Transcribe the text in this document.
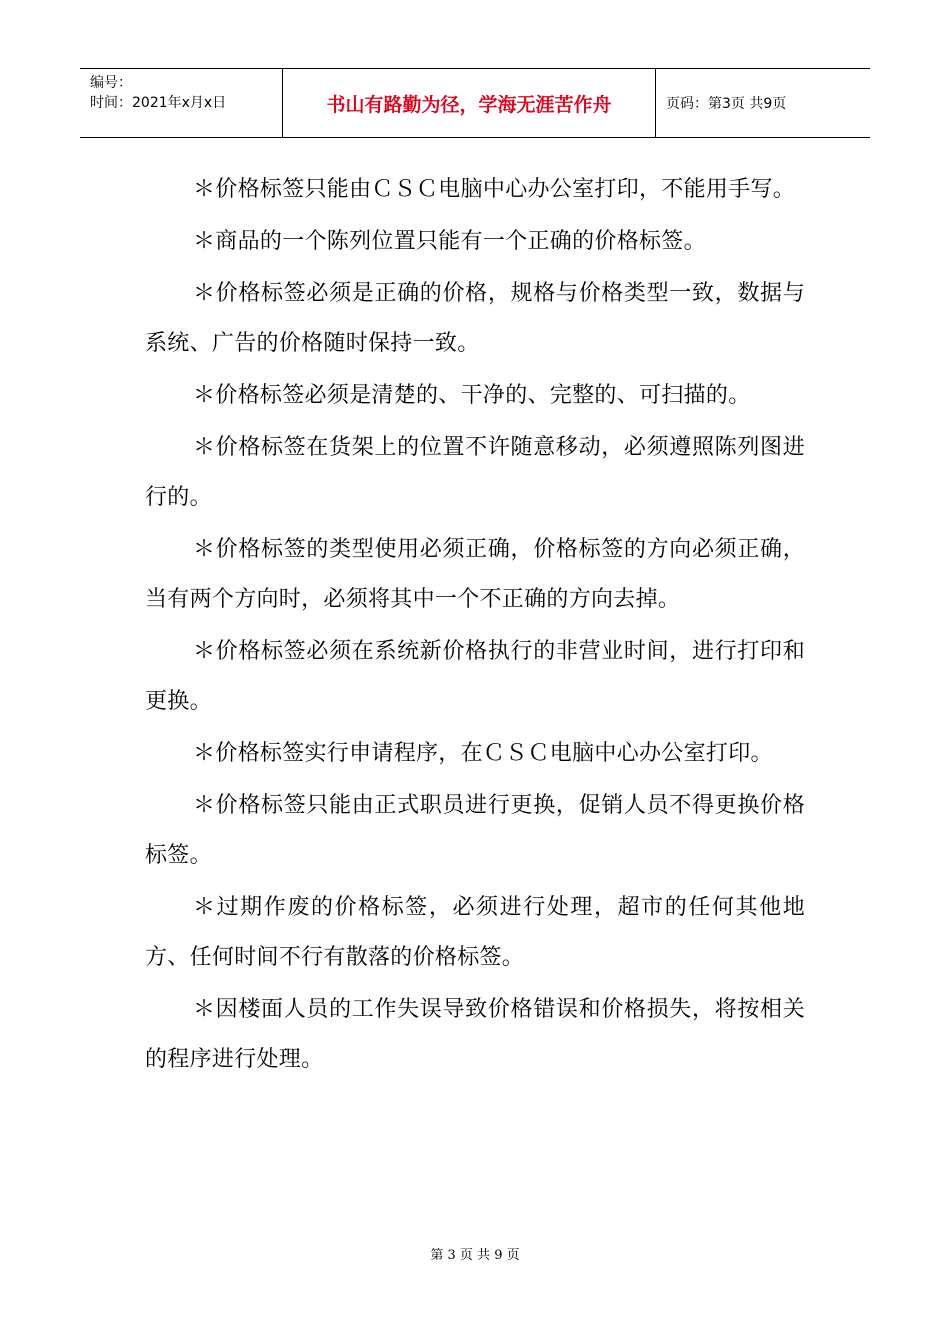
编号：
时间：2021年x月x日	书山有路勤为径，学海无涯苦作舟	页码：第3页 共9页

＊价格标签只能由ＣＳＣ电脑中心办公室打印，不能用手写。

＊商品的一个陈列位置只能有一个正确的价格标签。

＊价格标签必须是正确的价格，规格与价格类型一致，数据与系统、广告的价格随时保持一致。

＊价格标签必须是清楚的、干净的、完整的、可扫描的。

＊价格标签在货架上的位置不许随意移动，必须遵照陈列图进行的。

＊价格标签的类型使用必须正确，价格标签的方向必须正确，当有两个方向时，必须将其中一个不正确的方向去掉。

＊价格标签必须在系统新价格执行的非营业时间，进行打印和更换。

＊价格标签实行申请程序，在ＣＳＣ电脑中心办公室打印。

＊价格标签只能由正式职员进行更换，促销人员不得更换价格标签。

＊过期作废的价格标签，必须进行处理，超市的任何其他地方、任何时间不行有散落的价格标签。

＊因楼面人员的工作失误导致价格错误和价格损失，将按相关的程序进行处理。

第 3 页 共 9 页
